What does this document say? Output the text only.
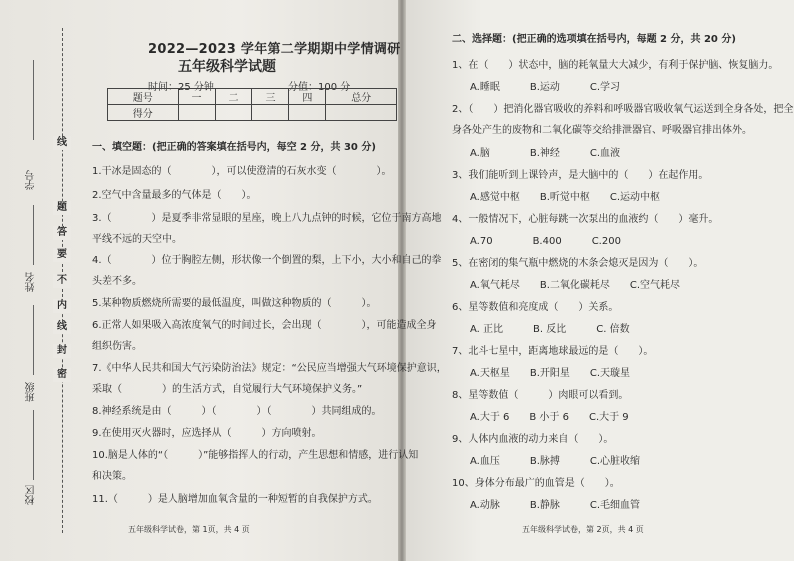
线
题
答
要
不
内
线
封
密
学号
姓名
班级
校区
2022—2023 学年第二学期期中学情调研
五年级科学试题
时间：25 分钟	分值：100 分
题号	一	二	三	四	总分
得分					
一、填空题：(把正确的答案填在括号内，每空 2 分，共 30 分)
1.干冰是固态的（　　　　），可以使澄清的石灰水变（　　　　）。
2.空气中含量最多的气体是（　　）。
3.（　　　　）是夏季非常显眼的星座，晚上八九点钟的时候，它位于南方高地
平线不远的天空中。
4.（　　　　）位于胸腔左侧，形状像一个倒置的梨，上下小，大小和自己的拳
头差不多。
5.某种物质燃烧所需要的最低温度，叫做这种物质的（　　　）。
6.正常人如果吸入高浓度氧气的时间过长，会出现（　　　　），可能造成全身
组织伤害。
7.《中华人民共和国大气污染防治法》规定：“公民应当增强大气环境保护意识，
采取（　　　　）的生活方式，自觉履行大气环境保护义务。”
8.神经系统是由（　　　）（　　　　）（　　　　）共同组成的。
9.在使用灭火器时，应选择从（　　　）方向喷射。
10.脑是人体的“（　　　）”能够指挥人的行动，产生思想和情感，进行认知
和决策。
11.（　　　）是人脑增加血氧含量的一种短暂的自我保护方式。
五年级科学试卷，第 1页，共 4 页
二、选择题：(把正确的选项填在括号内，每题 2 分，共 20 分)
1、在（　　）状态中，脑的耗氧量大大减少，有利于保护脑、恢复脑力。
A.睡眠　　　B.运动　　　C.学习
2、（　　）把消化器官吸收的养料和呼吸器官吸收氧气运送到全身各处，把全
身各处产生的废物和二氧化碳等交给排泄器官、呼吸器官排出体外。
A.脑　　　　B.神经　　　C.血液
3、我们能听到上课铃声，是大脑中的（　　）在起作用。
A.感觉中枢　　B.听觉中枢　　C.运动中枢
4、一般情况下，心脏每跳一次泵出的血液约（　　）毫升。
A.70　　　　B.400　　　C.200
5、在密闭的集气瓶中燃烧的木条会熄灭是因为（　　）。
A.氧气耗尽　　B.二氧化碳耗尽　　C.空气耗尽
6、星等数值和亮度成（　　）关系。
A. 正比　　　B. 反比　　　C. 倍数
7、北斗七星中，距离地球最远的是（　　）。
A.天枢星　　B.开阳星　　C.天璇星
8、星等数值（　　　）肉眼可以看到。
A.大于 6　　B 小于 6　　C.大于 9
9、人体内血液的动力来自（　　）。
A.血压　　　B.脉搏　　　C.心脏收缩
10、身体分布最广的血管是（　　）。
A.动脉　　　B.静脉　　　C.毛细血管
五年级科学试卷，第 2页，共 4 页
